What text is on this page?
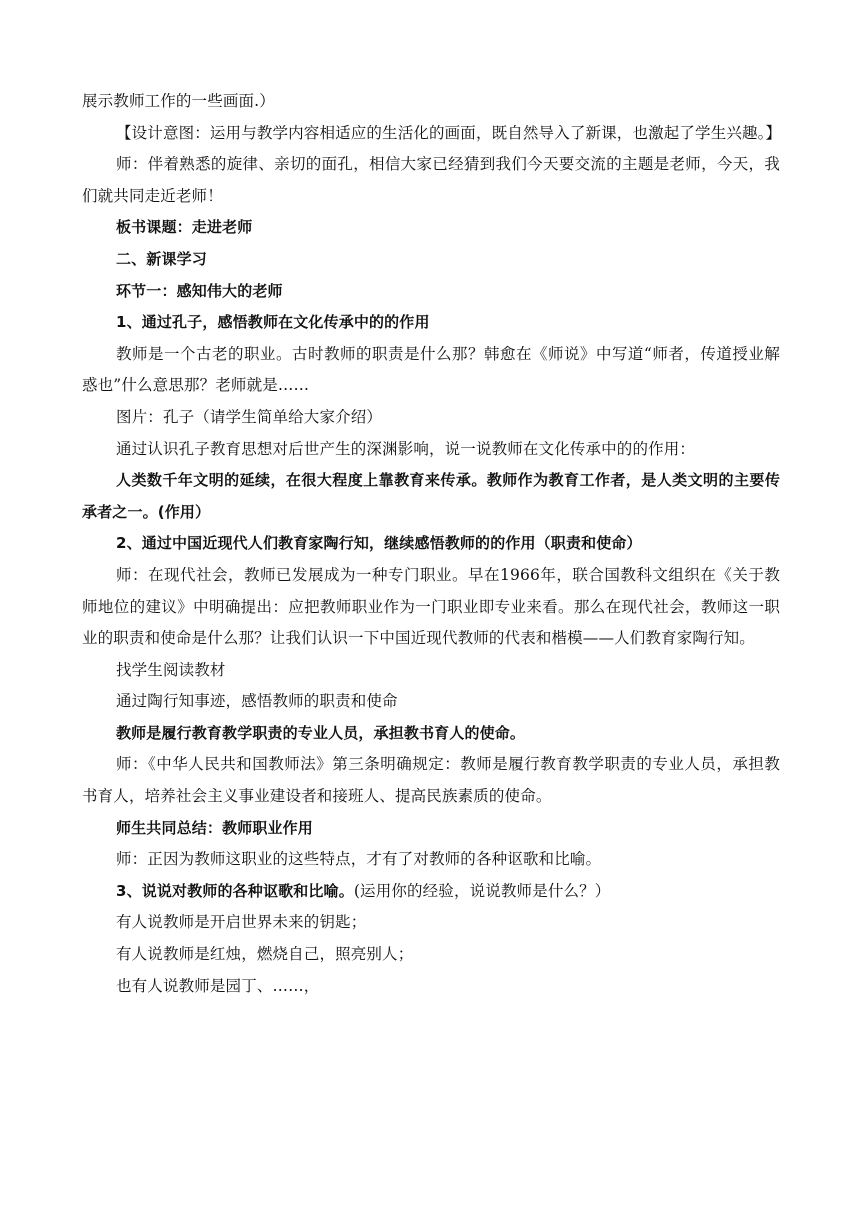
展示教师工作的一些画面.）

【设计意图：运用与教学内容相适应的生活化的画面，既自然导入了新课，也激起了学生兴趣。】

师：伴着熟悉的旋律、亲切的面孔，相信大家已经猜到我们今天要交流的主题是老师，今天，我们就共同走近老师！

板书课题：走进老师

二、新课学习

环节一：感知伟大的老师

1、通过孔子，感悟教师在文化传承中的的作用

教师是一个古老的职业。古时教师的职责是什么那？韩愈在《师说》中写道“师者，传道授业解惑也”什么意思那？老师就是……

图片：孔子（请学生简单给大家介绍）

通过认识孔子教育思想对后世产生的深渊影响，说一说教师在文化传承中的的作用：

人类数千年文明的延续，在很大程度上靠教育来传承。教师作为教育工作者，是人类文明的主要传承者之一。(作用）

2、通过中国近现代人们教育家陶行知，继续感悟教师的的作用（职责和使命）

师：在现代社会，教师已发展成为一种专门职业。早在1966年，联合国教科文组织在《关于教师地位的建议》中明确提出：应把教师职业作为一门职业即专业来看。那么在现代社会，教师这一职业的职责和使命是什么那？让我们认识一下中国近现代教师的代表和楷模——人们教育家陶行知。

找学生阅读教材

通过陶行知事迹，感悟教师的职责和使命

教师是履行教育教学职责的专业人员，承担教书育人的使命。

师：《中华人民共和国教师法》第三条明确规定：教师是履行教育教学职责的专业人员，承担教书育人，培养社会主义事业建设者和接班人、提高民族素质的使命。

师生共同总结：教师职业作用

师：正因为教师这职业的这些特点，才有了对教师的各种讴歌和比喻。

3、说说对教师的各种讴歌和比喻。(运用你的经验，说说教师是什么？）

有人说教师是开启世界未来的钥匙；

有人说教师是红烛，燃烧自己，照亮别人；

也有人说教师是园丁、……，
